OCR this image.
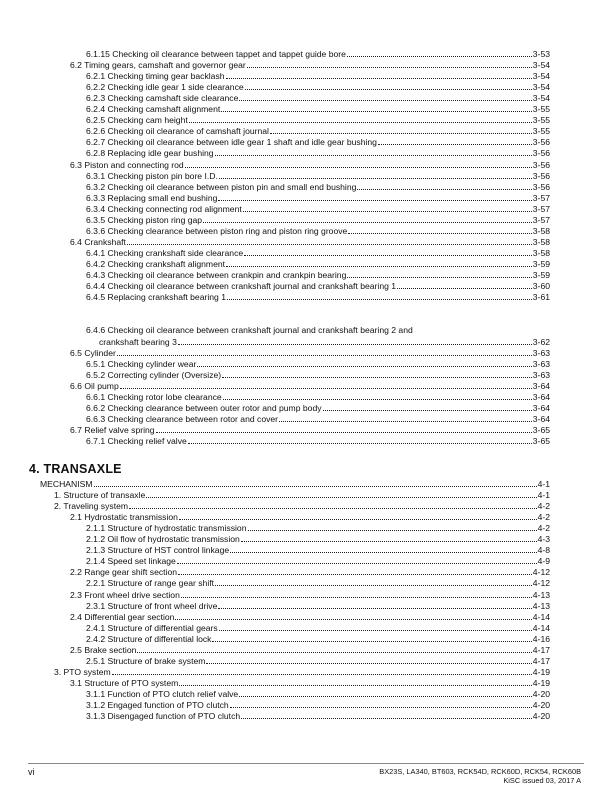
6.1.15 Checking oil clearance between tappet and tappet guide bore	3-53
6.2 Timing gears, camshaft and governor gear	3-54
6.2.1 Checking timing gear backlash	3-54
6.2.2 Checking idle gear 1 side clearance	3-54
6.2.3 Checking camshaft side clearance	3-54
6.2.4 Checking camshaft alignment	3-55
6.2.5 Checking cam height	3-55
6.2.6 Checking oil clearance of camshaft journal	3-55
6.2.7 Checking oil clearance between idle gear 1 shaft and idle gear bushing	3-56
6.2.8 Replacing idle gear bushing	3-56
6.3 Piston and connecting rod	3-56
6.3.1 Checking piston pin bore I.D.	3-56
6.3.2 Checking oil clearance between piston pin and small end bushing	3-56
6.3.3 Replacing small end bushing	3-57
6.3.4 Checking connecting rod alignment	3-57
6.3.5 Checking piston ring gap	3-57
6.3.6 Checking clearance between piston ring and piston ring groove	3-58
6.4 Crankshaft	3-58
6.4.1 Checking crankshaft side clearance	3-58
6.4.2 Checking crankshaft alignment	3-59
6.4.3 Checking oil clearance between crankpin and crankpin bearing	3-59
6.4.4 Checking oil clearance between crankshaft journal and crankshaft bearing 1	3-60
6.4.5 Replacing crankshaft bearing 1	3-61
6.4.6 Checking oil clearance between crankshaft journal and crankshaft bearing 2 and
crankshaft bearing 3	3-62
6.5 Cylinder	3-63
6.5.1 Checking cylinder wear	3-63
6.5.2 Correcting cylinder (Oversize)	3-63
6.6 Oil pump	3-64
6.6.1 Checking rotor lobe clearance	3-64
6.6.2 Checking clearance between outer rotor and pump body	3-64
6.6.3 Checking clearance between rotor and cover	3-64
6.7 Relief valve spring	3-65
6.7.1 Checking relief valve	3-65
4. TRANSAXLE
MECHANISM	4-1
1. Structure of transaxle	4-1
2. Traveling system	4-2
2.1 Hydrostatic transmission	4-2
2.1.1 Structure of hydrostatic transmission	4-2
2.1.2 Oil flow of hydrostatic transmission	4-3
2.1.3 Structure of HST control linkage	4-8
2.1.4 Speed set linkage	4-9
2.2 Range gear shift section	4-12
2.2.1 Structure of range gear shift	4-12
2.3 Front wheel drive section	4-13
2.3.1 Structure of front wheel drive	4-13
2.4 Differential gear section	4-14
2.4.1 Structure of differential gears	4-14
2.4.2 Structure of differential lock	4-16
2.5 Brake section	4-17
2.5.1 Structure of brake system	4-17
3. PTO system	4-19
3.1 Structure of PTO system	4-19
3.1.1 Function of PTO clutch relief valve	4-20
3.1.2 Engaged function of PTO clutch	4-20
3.1.3 Disengaged function of PTO clutch	4-20
vi	BX23S, LA340, BT603, RCK54D, RCK60D, RCK54, RCK60B
KiSC issued 03, 2017 A
